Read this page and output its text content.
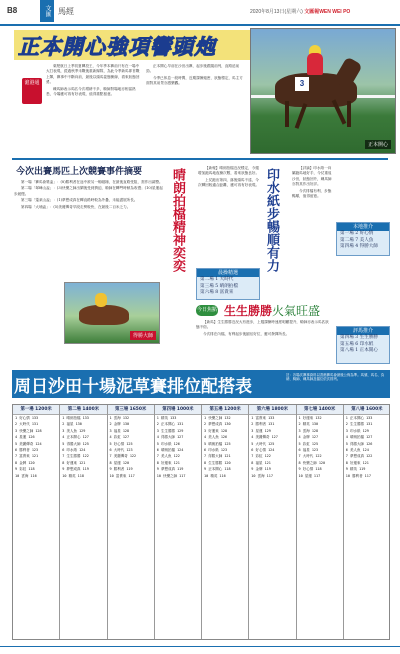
B8	文匯 馬經	2020年8月13日(星期六) 文匯報WEN WEI PO
正本開心強項響頭炮
3
正本開心
滬港通

葉楚航日上季初夏轉投王，今年季本賽前只有在一場中大打表現，經過秋季未戰後重新歸隊，為此今季新馬即首戰上陣，賽事中不斷向前，最後以頭馬姿態衝線，看來狀態回勇。

練馬師表示馬匹今次增磅不多，騎師對場地亦相當熟悉，今場應可再有好表現，值得重點留意。

正本開心早前在沙田出賽，起步後跟隨前列，直路追前勁。

今季已休息一段時間，近期課操頻密，狀態穩定，馬主方面對其前景亦感樂觀。

今次出賽馬匹上次競賽事件摘要

第一場「賽馬會獎盃」：(8)勝利者在途中被另一駒碰撞，在最後直路受阻，需作出調整。

第二場「翠峰山盃」：(3)快樂之師出閘後受到擠迫，騎師在轉彎時稍為收慢；(10)星運起步緩慢。

第三場「蓬萊山盃」：(1)夢想成真在轉直路時較為外疊，未能盡展所長。

第四場「大埔盃」：(5)美麗傳奇早段走勢較快，在最後二百米乏力。

得勝大師
晴朗拍檔精神奕奕	【新報】晴朗拍檔近況穩定，今週增加跑馬地夜操次數，看來狀態良好。

上仗跑出第四，落後頭馬不遠，今次轉回較適合距離，應可再有好表現。

晨操精選
第二場 1 大時代
第三場 5 晴朗拍檔
第六場 8 富貴來
印水紙步暢順有力	【評論】印水紙一向屬跑馬地好手，今仗重返沙田，狀態回升，練馬師亦對其作出好評。

今次排檔有利，步態暢順，值得留意。

本地推介
第一場 2 好心情
第二場 7 美人魚
第四場 4 得勝大師
今日焦點 生生勝勝火氣旺盛

【新馬】生生勝勝近況大有進步，上週課操時速度明顯提升，騎師亦表示馬匹狀態不俗。

今次排在內檔，有利起步後搶佔好位，應可發揮所長。	評馬推介
第四場 3 生生勝勝
第五場 6 印水紙
第八場 1 正本開心
周日沙田十場泥草賽排位配搭表
註：各場次賽事資料以香港賽馬會最後公佈為準。馬號、馬名、負磅、騎師、練馬師及檔位依次排列。
第一場 1200米
1 好心情 133
2 大時代 131
3 快樂之師 128
4 星運 126
5 美麗傳奇 124
6 勝利者 123
7 富貴來 121
8 金牌 120
9 彩虹 118
10 雲海 116
第二場 1400米
1 晴朗拍檔 133
2 福星 130
3 美人魚 129
4 正本開心 127
5 得勝大師 125
6 印水紙 124
7 生生勝勝 122
8 好運來 121
9 夢想成真 119
10 精英 118
第三場 1650米
1 雲海 132
2 金牌 130
3 福星 128
4 彩虹 127
5 好心情 125
6 大時代 123
7 美麗傳奇 122
8 星運 120
9 勝利者 119
10 富貴來 117
第四場 1000米
1 精英 133
2 正本開心 131
3 生生勝勝 129
4 得勝大師 127
5 印水紙 126
6 晴朗拍檔 124
7 美人魚 122
8 好運來 121
9 夢想成真 119
10 快樂之師 117
第五場 1200米
1 快樂之師 132
2 夢想成真 130
3 好運來 128
4 美人魚 126
5 晴朗拍檔 125
6 印水紙 123
7 得勝大師 121
8 生生勝勝 120
9 正本開心 118
10 精英 116
第六場 1800米
1 富貴來 133
2 勝利者 131
3 星運 129
4 美麗傳奇 127
5 大時代 125
6 好心情 124
7 彩虹 122
8 福星 121
9 金牌 119
10 雲海 117
第七場 1400米
1 好運來 132
2 精英 130
3 雲海 128
4 金牌 127
5 彩虹 125
6 福星 123
7 大時代 122
8 快樂之師 120
9 好心情 118
10 星運 117
第八場 1600米
1 正本開心 133
2 生生勝勝 131
3 印水紙 129
4 晴朗拍檔 127
5 得勝大師 126
6 美人魚 124
7 夢想成真 122
8 好運來 121
9 精英 119
10 勝利者 117
